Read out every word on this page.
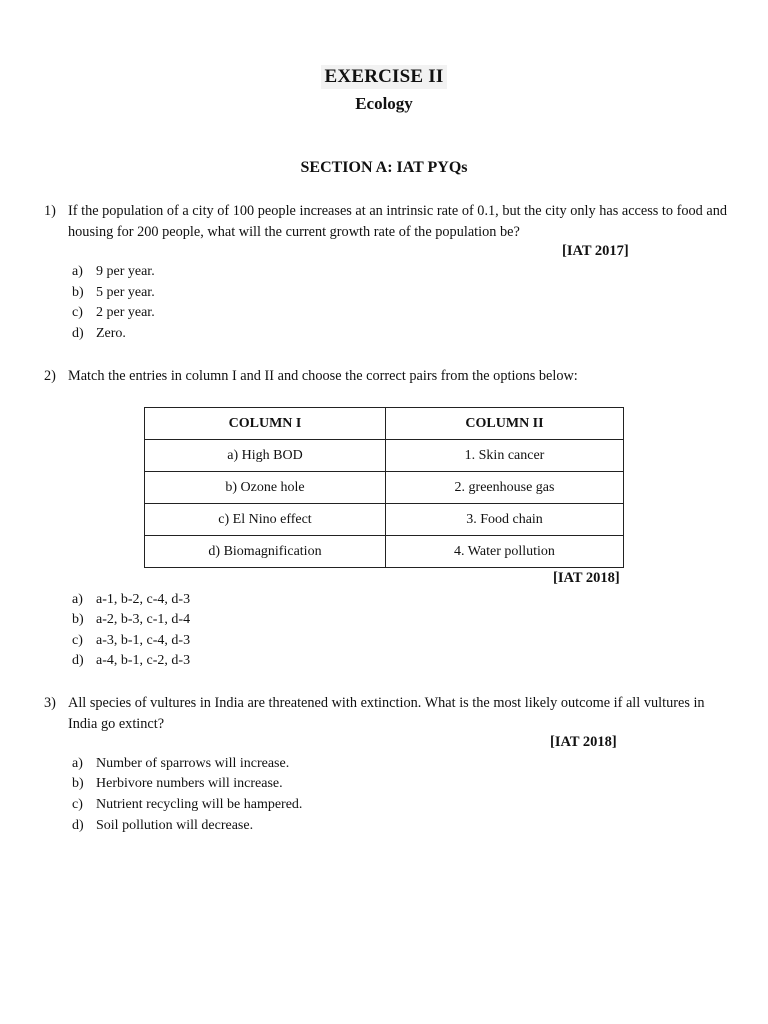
EXERCISE II
Ecology
SECTION A: IAT PYQs
1) If the population of a city of 100 people increases at an intrinsic rate of 0.1, but the city only has access to food and housing for 200 people, what will the current growth rate of the population be?
[IAT 2017]
a) 9 per year.
b) 5 per year.
c) 2 per year.
d) Zero.
2) Match the entries in column I and II and choose the correct pairs from the options below:
COLUMN I	COLUMN II
a) High BOD	1. Skin cancer
b) Ozone hole	2. greenhouse gas
c) El Nino effect	3. Food chain
d) Biomagnification	4. Water pollution
[IAT 2018]
a) a-1, b-2, c-4, d-3
b) a-2, b-3, c-1, d-4
c) a-3, b-1, c-4, d-3
d) a-4, b-1, c-2, d-3
3) All species of vultures in India are threatened with extinction. What is the most likely outcome if all vultures in India go extinct?
[IAT 2018]
a) Number of sparrows will increase.
b) Herbivore numbers will increase.
c) Nutrient recycling will be hampered.
d) Soil pollution will decrease.
